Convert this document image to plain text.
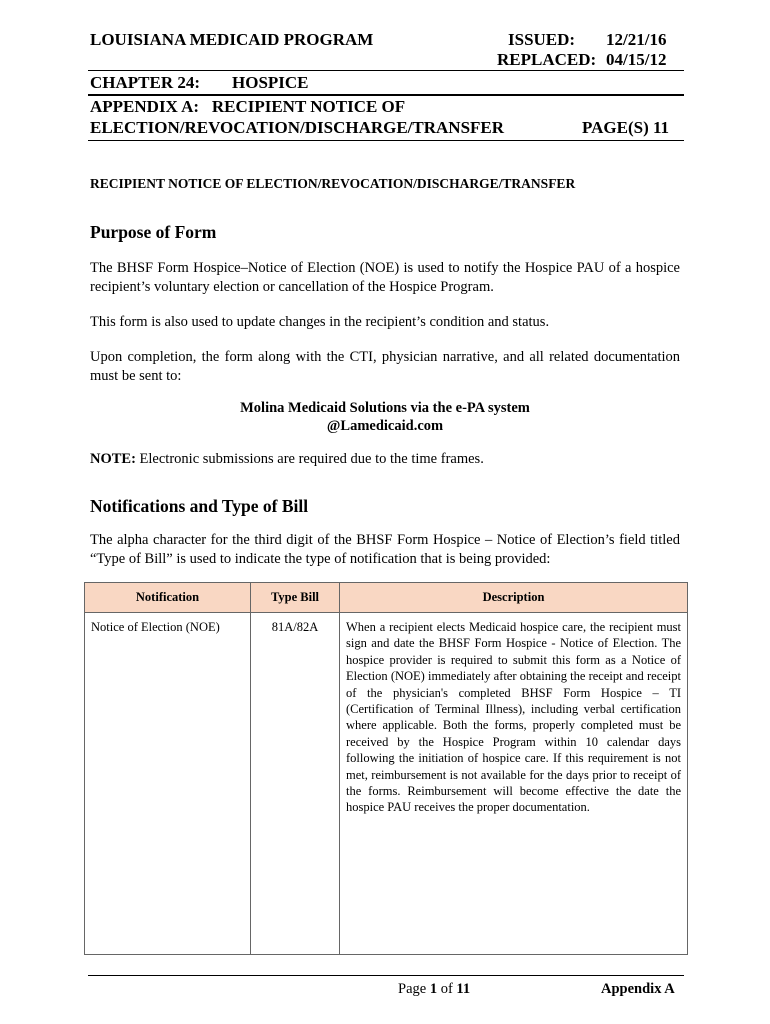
LOUISIANA MEDICAID PROGRAM	ISSUED: 12/21/16
REPLACED: 04/15/12
CHAPTER 24: HOSPICE
APPENDIX A:   RECIPIENT NOTICE OF
ELECTION/REVOCATION/DISCHARGE/TRANSFER	PAGE(S) 11
RECIPIENT NOTICE OF ELECTION/REVOCATION/DISCHARGE/TRANSFER
Purpose of Form
The BHSF Form Hospice–Notice of Election (NOE) is used to notify the Hospice PAU of a hospice recipient’s voluntary election or cancellation of the Hospice Program.
This form is also used to update changes in the recipient’s condition and status.
Upon completion, the form along with the CTI, physician narrative, and all related documentation must be sent to:
Molina Medicaid Solutions via the e-PA system
@Lamedicaid.com
NOTE: Electronic submissions are required due to the time frames.
Notifications and Type of Bill
The alpha character for the third digit of the BHSF Form Hospice – Notice of Election’s field titled “Type of Bill” is used to indicate the type of notification that is being provided:
Notification	Type Bill	Description
Notice of Election (NOE)	81A/82A	When a recipient elects Medicaid hospice care, the recipient must sign and date the BHSF Form Hospice - Notice of Election. The hospice provider is required to submit this form as a Notice of Election (NOE) immediately after obtaining the receipt and receipt of the physician's completed BHSF Form Hospice – TI (Certification of Terminal Illness), including verbal certification where applicable. Both the forms, properly completed must be received by the Hospice Program within 10 calendar days following the initiation of hospice care. If this requirement is not met, reimbursement is not available for the days prior to receipt of the forms. Reimbursement will become effective the date the hospice PAU receives the proper documentation.
Page 1 of 11	Appendix A
